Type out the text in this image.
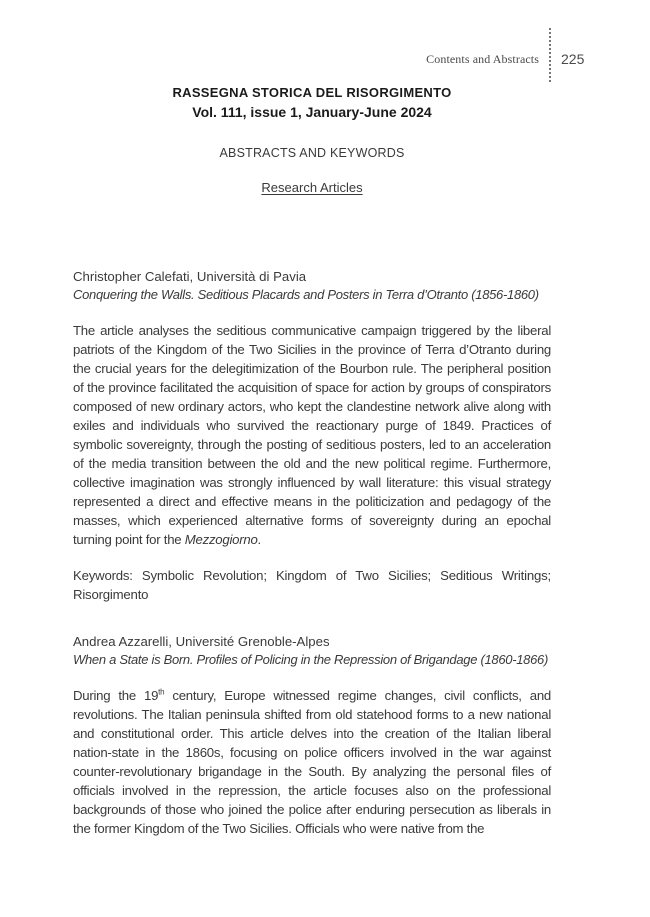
Contents and Abstracts 225
RASSEGNA STORICA DEL RISORGIMENTO
Vol. 111, issue 1, January-June 2024
ABSTRACTS AND KEYWORDS
Research Articles
Christopher Calefati, Università di Pavia
Conquering the Walls. Seditious Placards and Posters in Terra d’Otranto (1856-1860)
The article analyses the seditious communicative campaign triggered by the liberal patriots of the Kingdom of the Two Sicilies in the province of Terra d’Otranto during the crucial years for the delegitimization of the Bourbon rule. The peripheral position of the province facilitated the acquisition of space for action by groups of conspirators composed of new ordinary actors, who kept the clandestine network alive along with exiles and individuals who survived the reactionary purge of 1849. Practices of symbolic sovereignty, through the posting of seditious posters, led to an acceleration of the media transition between the old and the new political regime. Furthermore, collective imagination was strongly influenced by wall literature: this visual strategy represented a direct and effective means in the politicization and pedagogy of the masses, which experienced alternative forms of sovereignty during an epochal turning point for the Mezzogiorno.
Keywords: Symbolic Revolution; Kingdom of Two Sicilies; Seditious Writings; Risorgimento
Andrea Azzarelli, Université Grenoble-Alpes
When a State is Born. Profiles of Policing in the Repression of Brigandage (1860-1866)
During the 19th century, Europe witnessed regime changes, civil conflicts, and revolutions. The Italian peninsula shifted from old statehood forms to a new national and constitutional order. This article delves into the creation of the Italian liberal nation-state in the 1860s, focusing on police officers involved in the war against counter-revolutionary brigandage in the South. By analyzing the personal files of officials involved in the repression, the article focuses also on the professional backgrounds of those who joined the police after enduring persecution as liberals in the former Kingdom of the Two Sicilies. Officials who were native from the
